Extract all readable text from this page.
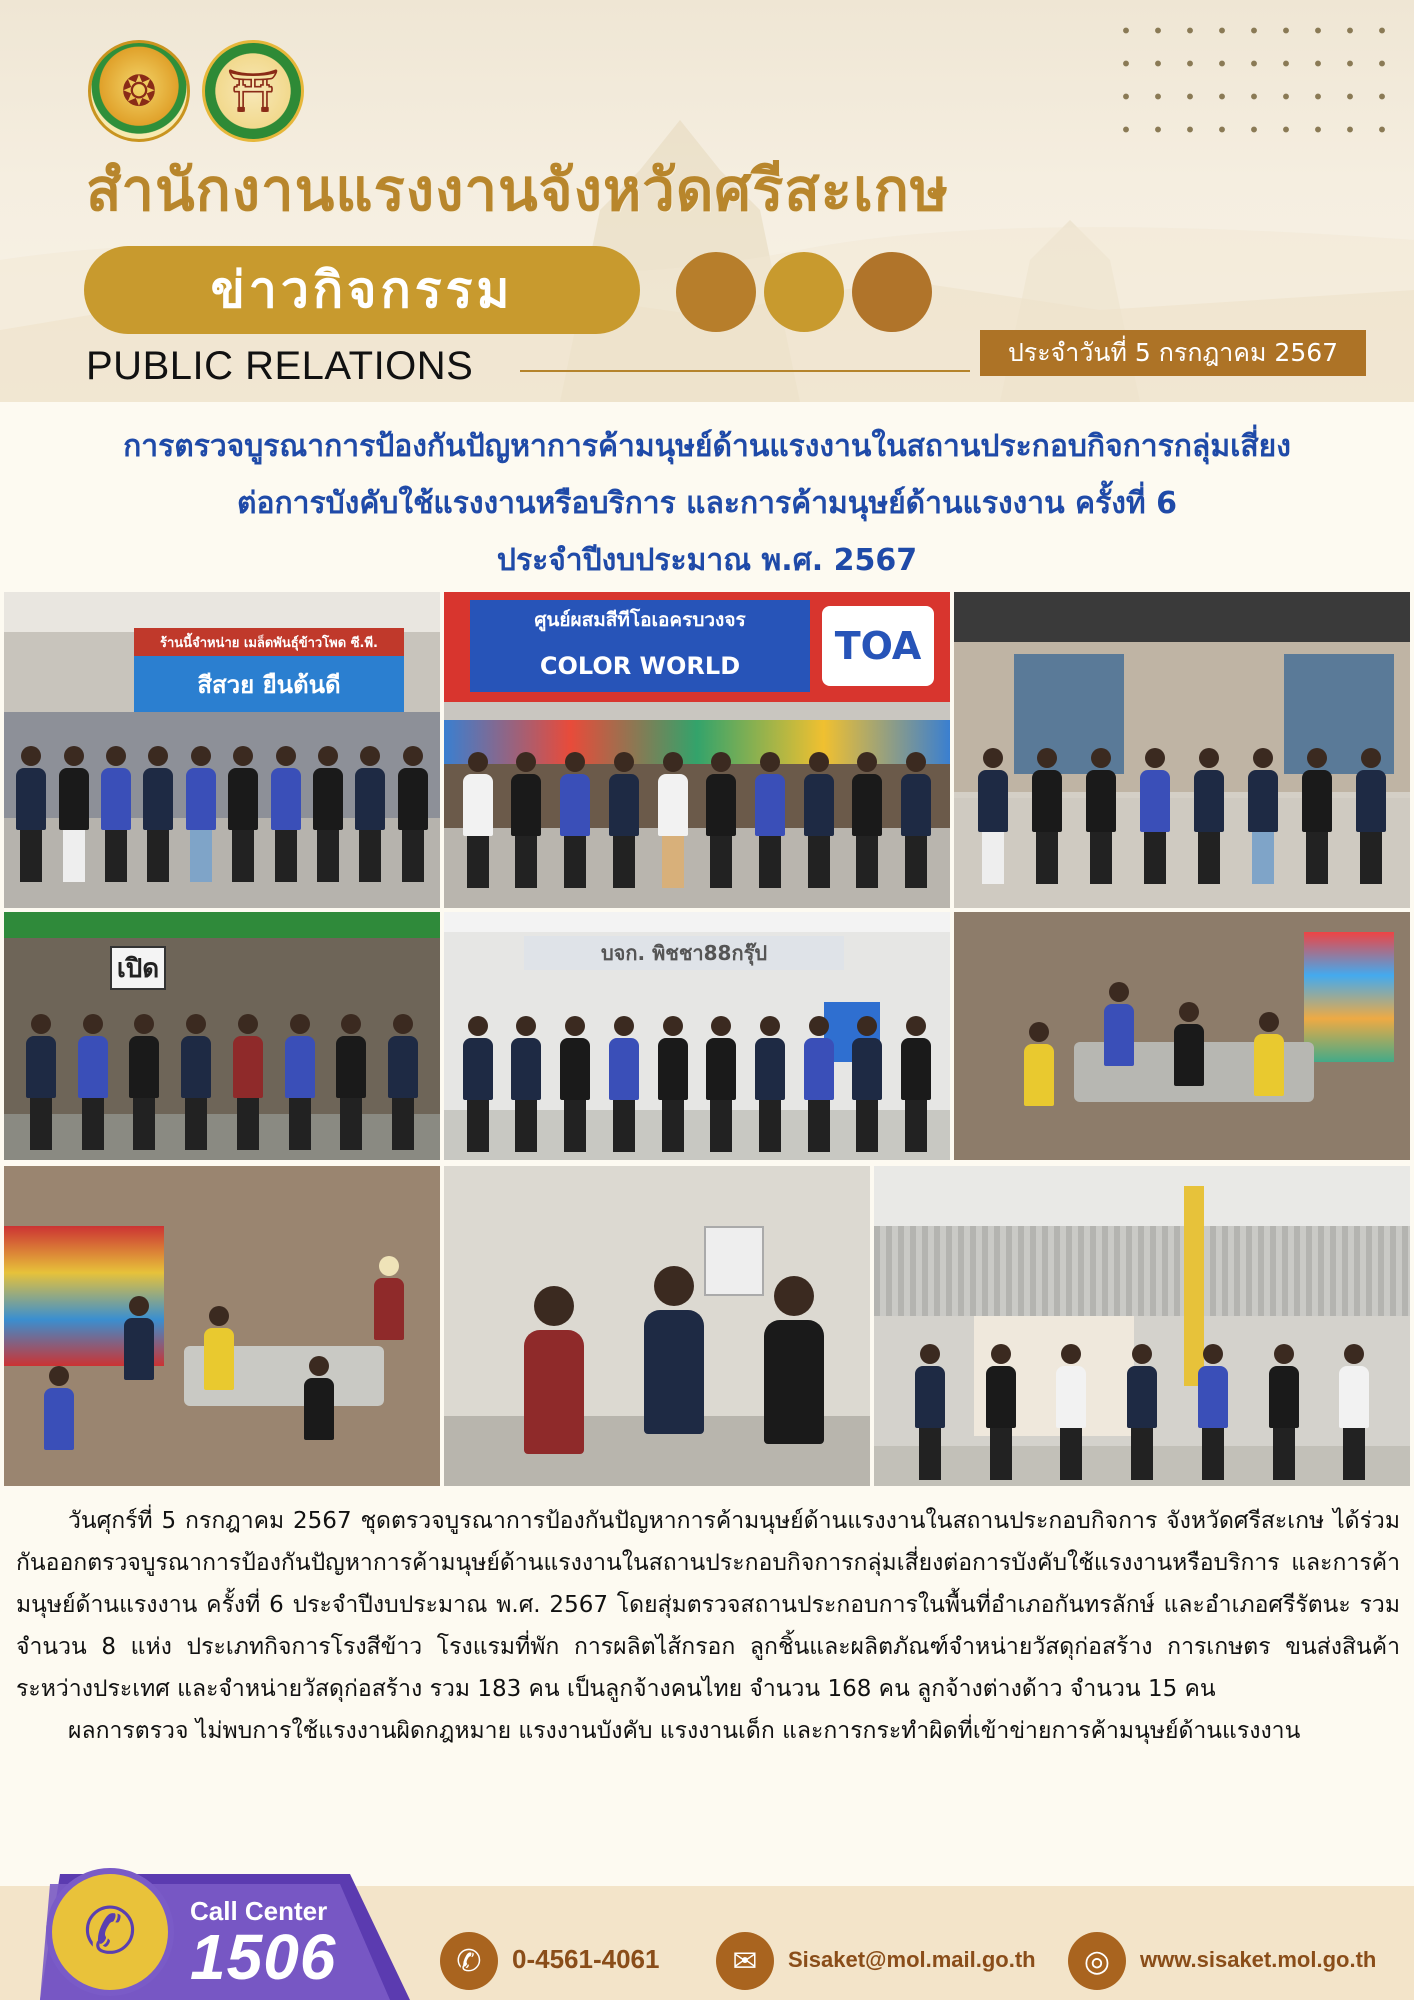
❂ ⛩
สำนักงานแรงงานจังหวัดศรีสะเกษ
ข่าวกิจกรรม
PUBLIC RELATIONS	ประจำวันที่ 5 กรกฎาคม 2567
การตรวจบูรณาการป้องกันปัญหาการค้ามนุษย์ด้านแรงงานในสถานประกอบกิจการกลุ่มเสี่ยง
ต่อการบังคับใช้แรงงานหรือบริการ และการค้ามนุษย์ด้านแรงงาน ครั้งที่ 6
ประจำปีงบประมาณ พ.ศ. 2567
ร้านนี้จำหน่าย เมล็ดพันธุ์ข้าวโพด ซี.พี.
สีสวย ยืนต้นดี
ศูนย์ผสมสีทีโอเอครบวงจร
COLOR WORLD	TOA
เปิด
บจก. พิชชา88กรุ๊ป

วันศุกร์ที่ 5 กรกฎาคม 2567 ชุดตรวจบูรณาการป้องกันปัญหาการค้ามนุษย์ด้านแรงงานในสถานประกอบกิจการ จังหวัดศรีสะเกษ ได้ร่วมกันออกตรวจบูรณาการป้องกันปัญหาการค้ามนุษย์ด้านแรงงานในสถานประกอบกิจการกลุ่มเสี่ยงต่อการบังคับใช้แรงงานหรือบริการ และการค้ามนุษย์ด้านแรงงาน ครั้งที่ 6 ประจำปีงบประมาณ พ.ศ. 2567 โดยสุ่มตรวจสถานประกอบการในพื้นที่อำเภอกันทรลักษ์ และอำเภอศรีรัตนะ รวมจำนวน 8 แห่ง ประเภทกิจการโรงสีข้าว โรงแรมที่พัก การผลิตไส้กรอก ลูกชิ้นและผลิตภัณฑ์จำหน่ายวัสดุก่อสร้าง การเกษตร ขนส่งสินค้าระหว่างประเทศ และจำหน่ายวัสดุก่อสร้าง รวม 183 คน เป็นลูกจ้างคนไทย จำนวน 168 คน ลูกจ้างต่างด้าว จำนวน 15 คน

ผลการตรวจ ไม่พบการใช้แรงงานผิดกฎหมาย แรงงานบังคับ แรงงานเด็ก และการกระทำผิดที่เข้าข่ายการค้ามนุษย์ด้านแรงงาน

✆ Call Center
1506	✆	0-4561-4061	✉	Sisaket@mol.mail.go.th	◎	www.sisaket.mol.go.th
